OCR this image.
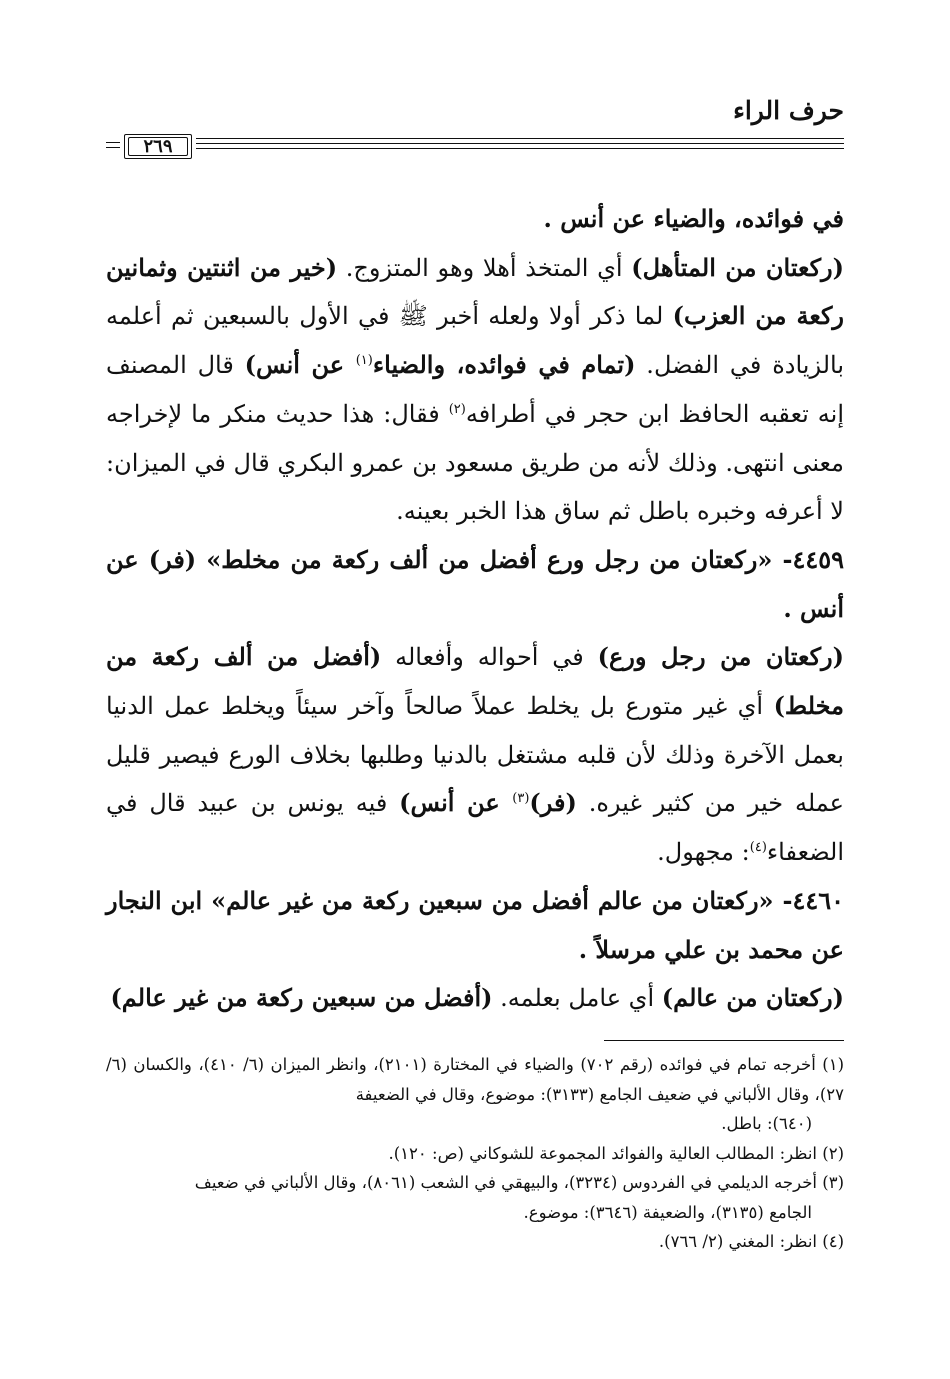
حرف الراء
٢٦٩

في فوائده، والضياء عن أنس .

(ركعتان من المتأهل) أي المتخذ أهلا وهو المتزوج. (خير من اثنتين وثمانين ركعة من العزب) لما ذكر أولا ولعله أخبر ﷺ في الأول بالسبعين ثم أعلمه بالزيادة في الفضل. (تمام في فوائده، والضياء$^{(١)}$ عن أنس) قال المصنف إنه تعقبه الحافظ ابن حجر في أطرافه$^{(٢)}$ فقال: هذا حديث منكر ما لإخراجه معنى انتهى. وذلك لأنه من طريق مسعود بن عمرو البكري قال في الميزان: لا أعرفه وخبره باطل ثم ساق هذا الخبر بعينه.

٤٤٥٩- «ركعتان من رجل ورع أفضل من ألف ركعة من مخلط» (فر) عن أنس .

(ركعتان من رجل ورع) في أحواله وأفعاله (أفضل من ألف ركعة من مخلط) أي غير متورع بل يخلط عملاً صالحاً وآخر سيئاً ويخلط عمل الدنيا بعمل الآخرة وذلك لأن قلبه مشتغل بالدنيا وطلبها بخلاف الورع فيصير قليل عمله خير من كثير غيره. (فر)$^{(٣)}$ عن أنس) فيه يونس بن عبيد قال في الضعفاء$^{(٤)}$: مجهول.

٤٤٦٠- «ركعتان من عالم أفضل من سبعين ركعة من غير عالم» ابن النجار عن محمد بن علي مرسلاً .

(ركعتان من عالم) أي عامل بعلمه. (أفضل من سبعين ركعة من غير عالم)

(١) أخرجه تمام في فوائده (رقم ٧٠٢) والضياء في المختارة (٢١٠١)، وانظر الميزان (٦/ ٤١٠)، والكسان (٦/ ٢٧)، وقال الألباني في ضعيف الجامع (٣١٣٣): موضوع، وقال في الضعيفة

(٦٤٠): باطل.

(٢) انظر: المطالب العالية والفوائد المجموعة للشوكاني (ص: ١٢٠).

(٣) أخرجه الديلمي في الفردوس (٣٢٣٤)، والبيهقي في الشعب (٨٠٦١)، وقال الألباني في ضعيف

الجامع (٣١٣٥)، والضعيفة (٣٦٤٦): موضوع.

(٤) انظر: المغني (٢/ ٧٦٦).
